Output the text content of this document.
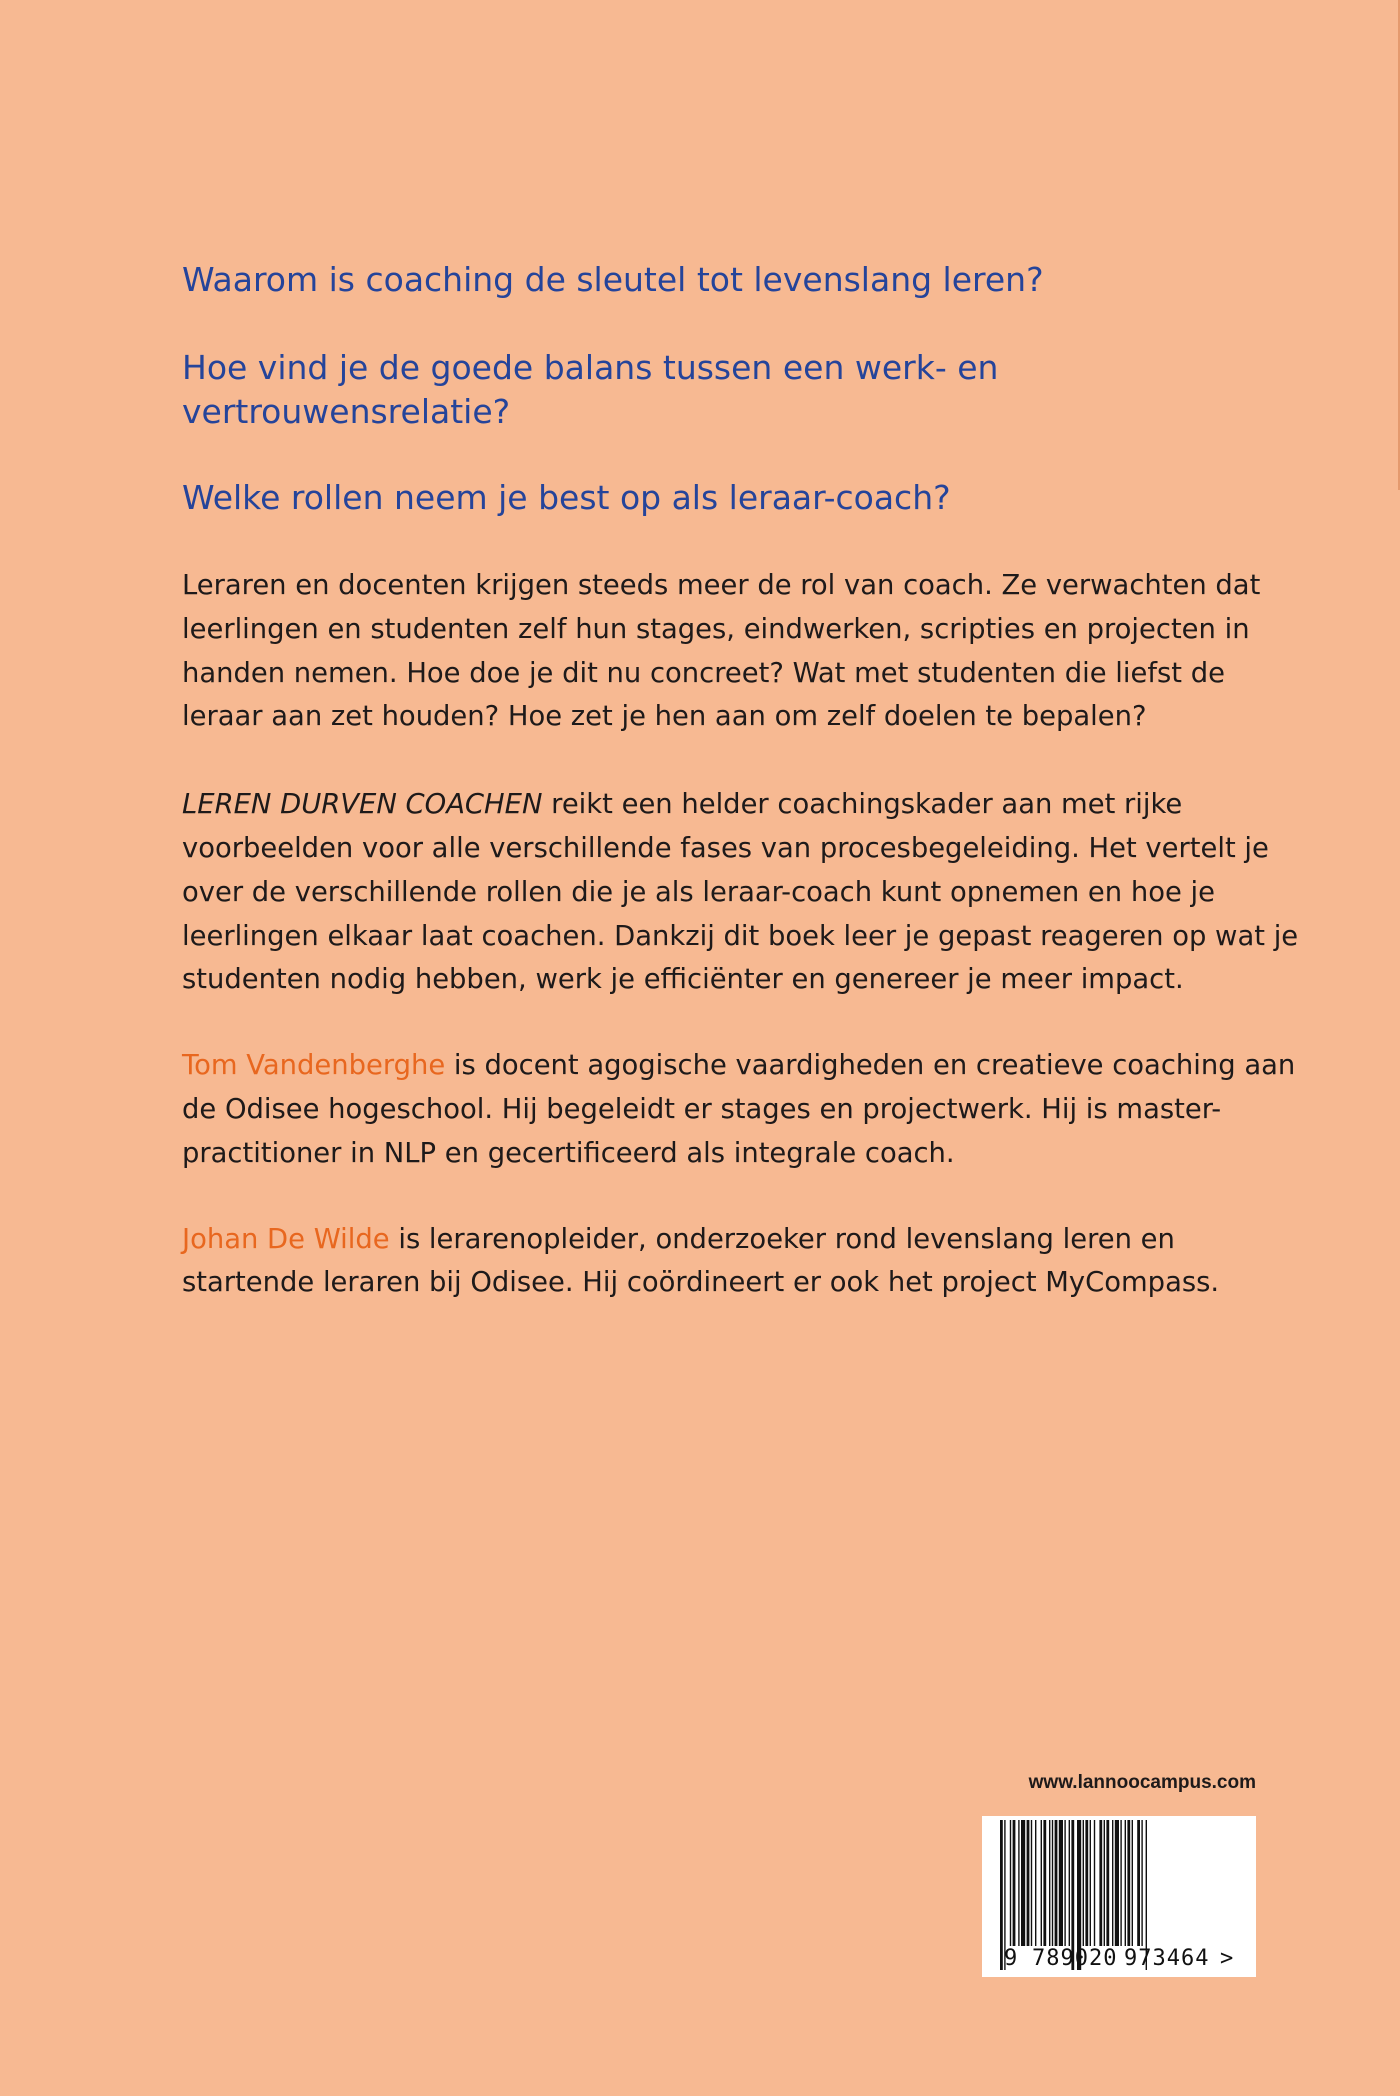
Waarom is coaching de sleutel tot levenslang leren?

Hoe vind je de goede balans tussen een werk- en vertrouwensrelatie?

Welke rollen neem je best op als leraar-coach?

Leraren en docenten krijgen steeds meer de rol van coach. Ze verwachten dat leerlingen en studenten zelf hun stages, eindwerken, scripties en projecten in handen nemen. Hoe doe je dit nu concreet? Wat met studenten die liefst de leraar aan zet houden? Hoe zet je hen aan om zelf doelen te bepalen?

LEREN DURVEN COACHEN reikt een helder coachingskader aan met rijke voorbeelden voor alle verschillende fases van procesbegeleiding. Het vertelt je over de verschillende rollen die je als leraar-coach kunt opnemen en hoe je leerlingen elkaar laat coachen. Dankzij dit boek leer je gepast reageren op wat je studenten nodig hebben, werk je efficiënter en genereer je meer impact.

Tom Vandenberghe is docent agogische vaardigheden en creatieve coaching aan de Odisee hogeschool. Hij begeleidt er stages en projectwerk. Hij is master-practitioner in NLP en gecertificeerd als integrale coach.

Johan De Wilde is lerarenopleider, onderzoeker rond levenslang leren en startende leraren bij Odisee. Hij coördineert er ook het project MyCompass.

www.lannoocampus.com

9

789020

973464

>
